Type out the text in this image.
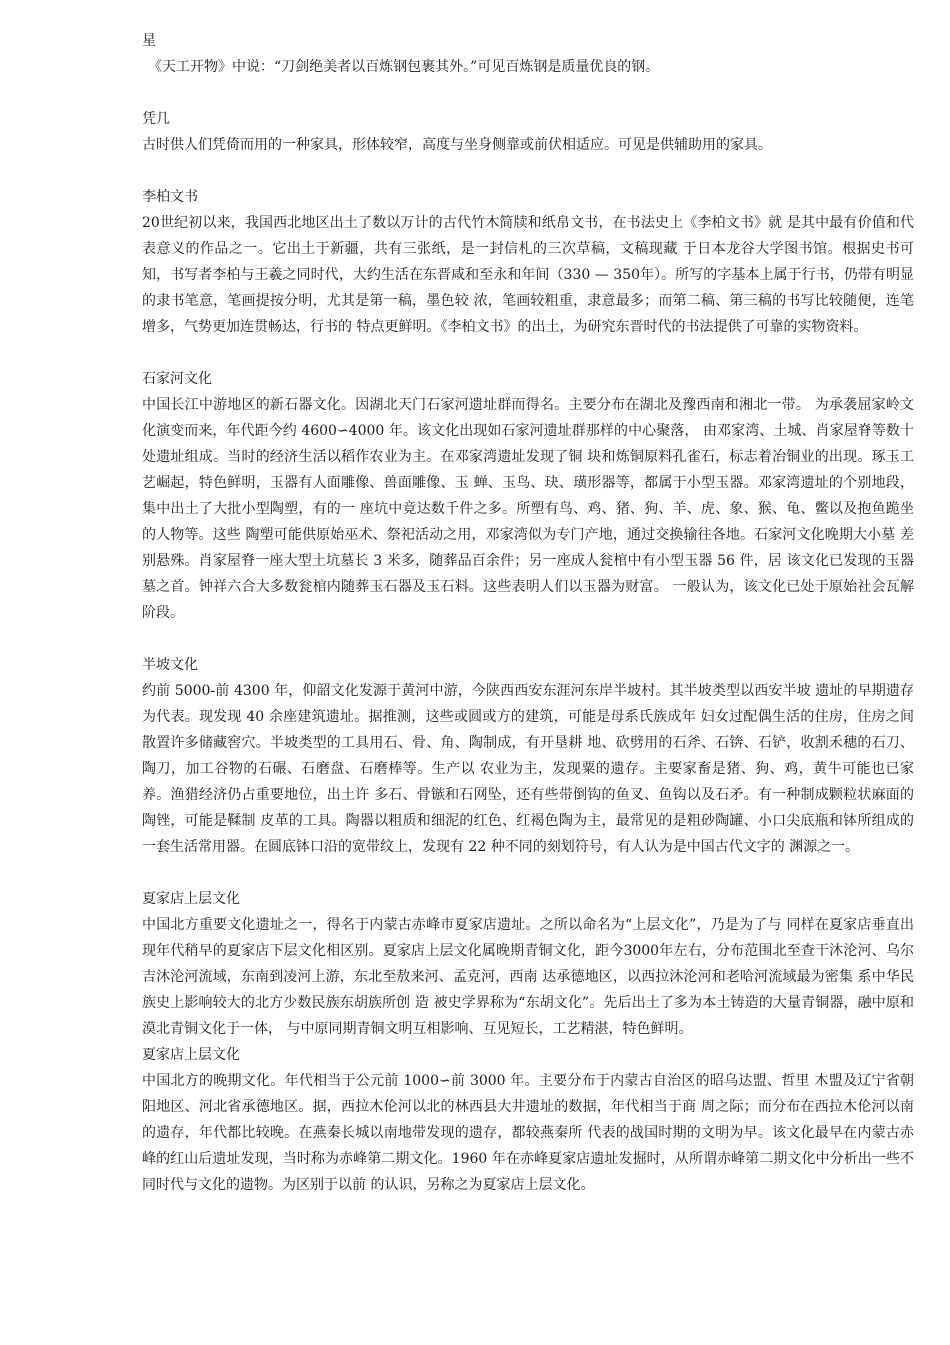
星

《天工开物》中说：“刀剑绝美者以百炼钢包裹其外。”可见百炼钢是质量优良的钢。

凭几

古时供人们凭倚而用的一种家具，形体较窄，高度与坐身侧靠或前伏相适应。可见是供辅助用的家具。

李柏文书

20世纪初以来，我国西北地区出土了数以万计的古代竹木简牍和纸帛文书，在书法史上《李柏文书》就 是其中最有价值和代表意义的作品之一。它出土于新疆，共有三张纸，是一封信札的三次草稿，文稿现藏 于日本龙谷大学图书馆。根据史书可知，书写者李柏与王羲之同时代，大约生活在东晋咸和至永和年间（330 — 350年）。所写的字基本上属于行书，仍带有明显的隶书笔意，笔画提按分明，尤其是第一稿，墨色较 浓，笔画较粗重，隶意最多；而第二稿、第三稿的书写比较随便，连笔增多，气势更加连贯畅达，行书的 特点更鲜明。《李柏文书》的出土，为研究东晋时代的书法提供了可靠的实物资料。

石家河文化

中国长江中游地区的新石器文化。因湖北天门石家河遗址群而得名。主要分布在湖北及豫西南和湘北一带。 为承袭屈家岭文化演变而来，年代距今约 4600∽4000 年。该文化出现如石家河遗址群那样的中心聚落， 由邓家湾、土城、肖家屋脊等数十处遗址组成。当时的经济生活以稻作农业为主。在邓家湾遗址发现了铜 块和炼铜原料孔雀石，标志着冶铜业的出现。琢玉工艺崛起，特色鲜明，玉器有人面雕像、兽面雕像、玉 蝉、玉鸟、玦、璜形器等，都属于小型玉器。邓家湾遗址的个别地段，集中出土了大批小型陶塑，有的一 座坑中竟达数千件之多。所塑有鸟、鸡、猪、狗、羊、虎、象、猴、龟、鳖以及抱鱼跪坐的人物等。这些 陶塑可能供原始巫术、祭祀活动之用，邓家湾似为专门产地，通过交换输往各地。石家河文化晚期大小墓 差别悬殊。肖家屋脊一座大型土坑墓长 3 米多，随葬品百余件；另一座成人瓮棺中有小型玉器 56 件，居 该文化已发现的玉器墓之首。钟祥六合大多数瓮棺内随葬玉石器及玉石料。这些表明人们以玉器为财富。 一般认为，该文化已处于原始社会瓦解阶段。

半坡文化

约前 5000-前 4300 年，仰韶文化发源于黄河中游，今陕西西安东涯河东岸半坡村。其半坡类型以西安半坡 遗址的早期遗存为代表。现发现 40 余座建筑遗址。据推测，这些或圆或方的建筑，可能是母系氏族成年 妇女过配偶生活的住房，住房之间散置许多储藏窖穴。半坡类型的工具用石、骨、角、陶制成，有开垦耕 地、砍劈用的石斧、石锛、石铲，收割禾穗的石刀、陶刀，加工谷物的石碾、石磨盘、石磨棒等。生产以 农业为主，发现粟的遗存。主要家畜是猪、狗、鸡，黄牛可能也已家养。渔猎经济仍占重要地位，出土许 多石、骨镞和石网坠，还有些带倒钩的鱼叉、鱼钩以及石矛。有一种制成颗粒状麻面的陶锉，可能是鞣制 皮革的工具。陶器以粗质和细泥的红色、红褐色陶为主，最常见的是粗砂陶罐、小口尖底瓶和钵所组成的 一套生活常用器。在圆底钵口沿的宽带纹上，发现有 22 种不同的刻划符号，有人认为是中国古代文字的 渊源之一。

夏家店上层文化

中国北方重要文化遗址之一，得名于内蒙古赤峰市夏家店遗址。之所以命名为“上层文化”，乃是为了与 同样在夏家店垂直出现年代稍早的夏家店下层文化相区别。夏家店上层文化属晚期青铜文化，距今3000年左右，分布范围北至查干沐沦河、乌尔吉沐沦河流域，东南到凌河上游，东北至敖来河、孟克河，西南 达承德地区，以西拉沐沦河和老哈河流域最为密集 系中华民族史上影响较大的北方少数民族东胡族所创 造 被史学界称为“东胡文化”。先后出土了多为本土铸造的大量青铜器，融中原和漠北青铜文化于一体， 与中原同期青铜文明互相影响、互见短长，工艺精湛，特色鲜明。

夏家店上层文化

中国北方的晚期文化。年代相当于公元前 1000∽前 3000 年。主要分布于内蒙古自治区的昭乌达盟、哲里 木盟及辽宁省朝阳地区、河北省承德地区。据，西拉木伦河以北的林西县大井遗址的数据，年代相当于商 周之际；而分布在西拉木伦河以南的遗存，年代都比较晚。在燕秦长城以南地带发现的遗存，都较燕秦所 代表的战国时期的文明为早。该文化最早在内蒙古赤峰的红山后遗址发现，当时称为赤峰第二期文化。1960 年在赤峰夏家店遗址发掘时，从所谓赤峰第二期文化中分析出一些不同时代与文化的遗物。为区别于以前 的认识，另称之为夏家店上层文化。
